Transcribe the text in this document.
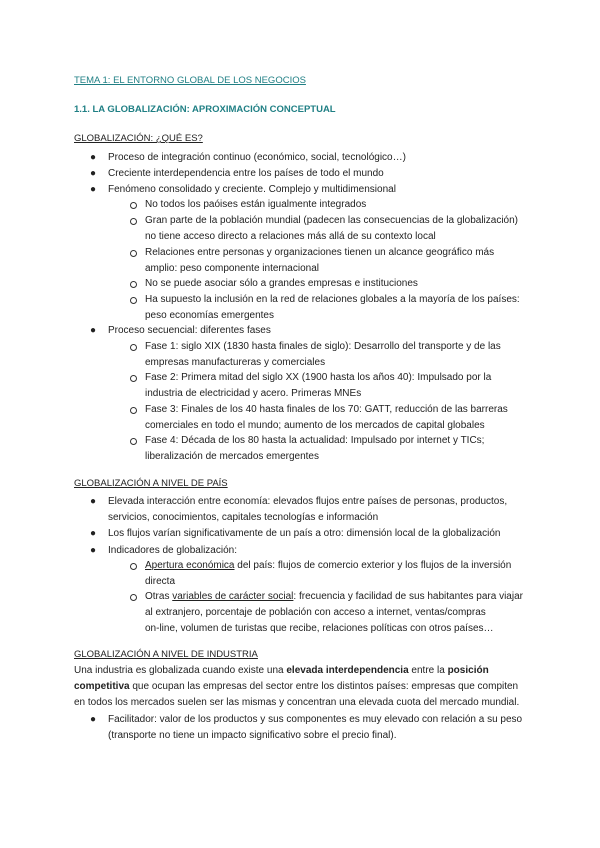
TEMA 1: EL ENTORNO GLOBAL DE LOS NEGOCIOS
1.1. LA GLOBALIZACIÓN: APROXIMACIÓN CONCEPTUAL
GLOBALIZACIÓN: ¿QUÉ ES?
● Proceso de integración continuo (económico, social, tecnológico…)
● Creciente interdependencia entre los países de todo el mundo
● Fenómeno consolidado y creciente. Complejo y multidimensional
No todos los paóises están igualmente integrados
Gran parte de la población mundial (padecen las consecuencias de la globalización)
no tiene acceso directo a relaciones más allá de su contexto local
Relaciones entre personas y organizaciones tienen un alcance geográfico más
amplio: peso componente internacional
No se puede asociar sólo a grandes empresas e instituciones
Ha supuesto la inclusión en la red de relaciones globales a la mayoría de los países:
peso economías emergentes
● Proceso secuencial: diferentes fases
Fase 1: siglo XIX (1830 hasta finales de siglo): Desarrollo del transporte y de las
empresas manufactureras y comerciales
Fase 2: Primera mitad del siglo XX (1900 hasta los años 40): Impulsado por la
industria de electricidad y acero. Primeras MNEs
Fase 3: Finales de los 40 hasta finales de los 70: GATT, reducción de las barreras
comerciales en todo el mundo; aumento de los mercados de capital globales
Fase 4: Década de los 80 hasta la actualidad: Impulsado por internet y TICs;
liberalización de mercados emergentes
GLOBALIZACIÓN A NIVEL DE PAÍS
● Elevada interacción entre economía: elevados flujos entre países de personas, productos,
servicios, conocimientos, capitales tecnologías e información
● Los flujos varían significativamente de un país a otro: dimensión local de la globalización
● Indicadores de globalización:
Apertura económica del país: flujos de comercio exterior y los flujos de la inversión
directa
Otras variables de carácter social: frecuencia y facilidad de sus habitantes para viajar
al extranjero, porcentaje de población con acceso a internet, ventas/compras
on-line, volumen de turistas que recibe, relaciones políticas con otros países…
GLOBALIZACIÓN A NIVEL DE INDUSTRIA
Una industria es globalizada cuando existe una elevada interdependencia entre la posición
competitiva que ocupan las empresas del sector entre los distintos países: empresas que compiten
en todos los mercados suelen ser las mismas y concentran una elevada cuota del mercado mundial.
● Facilitador: valor de los productos y sus componentes es muy elevado con relación a su peso
(transporte no tiene un impacto significativo sobre el precio final).
